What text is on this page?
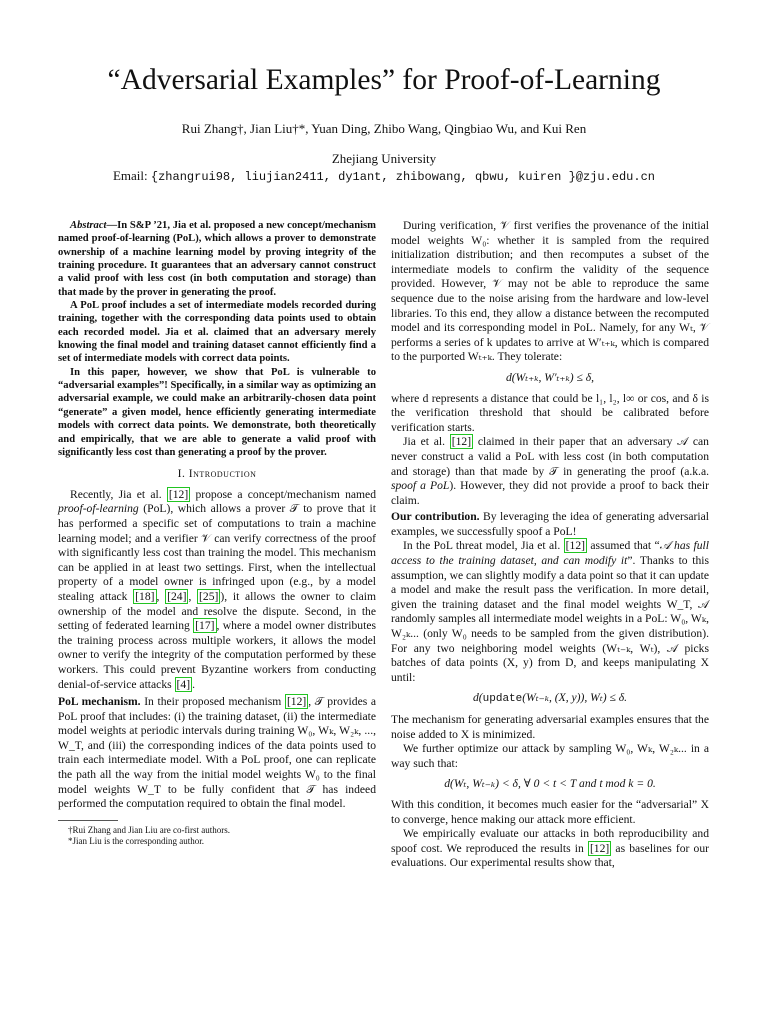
“Adversarial Examples” for Proof-of-Learning
Rui Zhang†, Jian Liu†*, Yuan Ding, Zhibo Wang, Qingbiao Wu, and Kui Ren
Zhejiang University
Email: {zhangrui98, liujian2411, dy1ant, zhibowang, qbwu, kuiren }@zju.edu.cn

Abstract—In S&P ’21, Jia et al. proposed a new concept/mechanism named proof-of-learning (PoL), which allows a prover to demonstrate ownership of a machine learning model by proving integrity of the training procedure. It guarantees that an adversary cannot construct a valid proof with less cost (in both computation and storage) than that made by the prover in generating the proof.

A PoL proof includes a set of intermediate models recorded during training, together with the corresponding data points used to obtain each recorded model. Jia et al. claimed that an adversary merely knowing the final model and training dataset cannot efficiently find a set of intermediate models with correct data points.

In this paper, however, we show that PoL is vulnerable to “adversarial examples”! Specifically, in a similar way as optimizing an adversarial example, we could make an arbitrarily-chosen data point “generate” a given model, hence efficiently generating intermediate models with correct data points. We demonstrate, both theoretically and empirically, that we are able to generate a valid proof with significantly less cost than generating a proof by the prover.

I. Introduction

Recently, Jia et al. [12] propose a concept/mechanism named proof-of-learning (PoL), which allows a prover 𝒯 to prove that it has performed a specific set of computations to train a machine learning model; and a verifier 𝒱 can verify correctness of the proof with significantly less cost than training the model. This mechanism can be applied in at least two settings. First, when the intellectual property of a model owner is infringed upon (e.g., by a model stealing attack [18] , [24] , [25] ), it allows the owner to claim ownership of the model and resolve the dispute. Second, in the setting of federated learning [17] , where a model owner distributes the training process across multiple workers, it allows the model owner to verify the integrity of the computation performed by these workers. This could prevent Byzantine workers from conducting denial-of-service attacks [4] .

PoL mechanism. In their proposed mechanism [12] , 𝒯 provides a PoL proof that includes: (i) the training dataset, (ii) the intermediate model weights at periodic intervals during training W₀, Wₖ, W₂ₖ, ..., W_T, and (iii) the corresponding indices of the data points used to train each intermediate model. With a PoL proof, one can replicate the path all the way from the initial model weights W₀ to the final model weights W_T to be fully confident that 𝒯 has indeed performed the computation required to obtain the final model.

†Rui Zhang and Jian Liu are co-first authors.

*Jian Liu is the corresponding author.

During verification, 𝒱 first verifies the provenance of the initial model weights W₀: whether it is sampled from the required initialization distribution; and then recomputes a subset of the intermediate models to confirm the validity of the sequence provided. However, 𝒱 may not be able to reproduce the same sequence due to the noise arising from the hardware and low-level libraries. To this end, they allow a distance between the recomputed model and its corresponding model in PoL. Namely, for any Wₜ, 𝒱 performs a series of k updates to arrive at W′ₜ₊ₖ, which is compared to the purported Wₜ₊ₖ. They tolerate:

d(Wₜ₊ₖ, W′ₜ₊ₖ) ≤ δ,

where d represents a distance that could be l₁, l₂, l∞ or cos, and δ is the verification threshold that should be calibrated before verification starts.

Jia et al. [12] claimed in their paper that an adversary 𝒜 can never construct a valid a PoL with less cost (in both computation and storage) than that made by 𝒯 in generating the proof (a.k.a. spoof a PoL). However, they did not provide a proof to back their claim.

Our contribution. By leveraging the idea of generating adversarial examples, we successfully spoof a PoL!

In the PoL threat model, Jia et al. [12] assumed that “𝒜 has full access to the training dataset, and can modify it”. Thanks to this assumption, we can slightly modify a data point so that it can update a model and make the result pass the verification. In more detail, given the training dataset and the final model weights W_T, 𝒜 randomly samples all intermediate model weights in a PoL: W₀, Wₖ, W₂ₖ... (only W₀ needs to be sampled from the given distribution). For any two neighboring model weights (Wₜ₋ₖ, Wₜ), 𝒜 picks batches of data points (X, y) from D, and keeps manipulating X until:

d(update(Wₜ₋ₖ, (X, y)), Wₜ) ≤ δ.

The mechanism for generating adversarial examples ensures that the noise added to X is minimized.

We further optimize our attack by sampling W₀, Wₖ, W₂ₖ... in a way such that:

d(Wₜ, Wₜ₋ₖ) < δ, ∀ 0 < t < T and t mod k = 0.

With this condition, it becomes much easier for the “adversarial” X to converge, hence making our attack more efficient.

We empirically evaluate our attacks in both reproducibility and spoof cost. We reproduced the results in [12] as baselines for our evaluations. Our experimental results show that,
